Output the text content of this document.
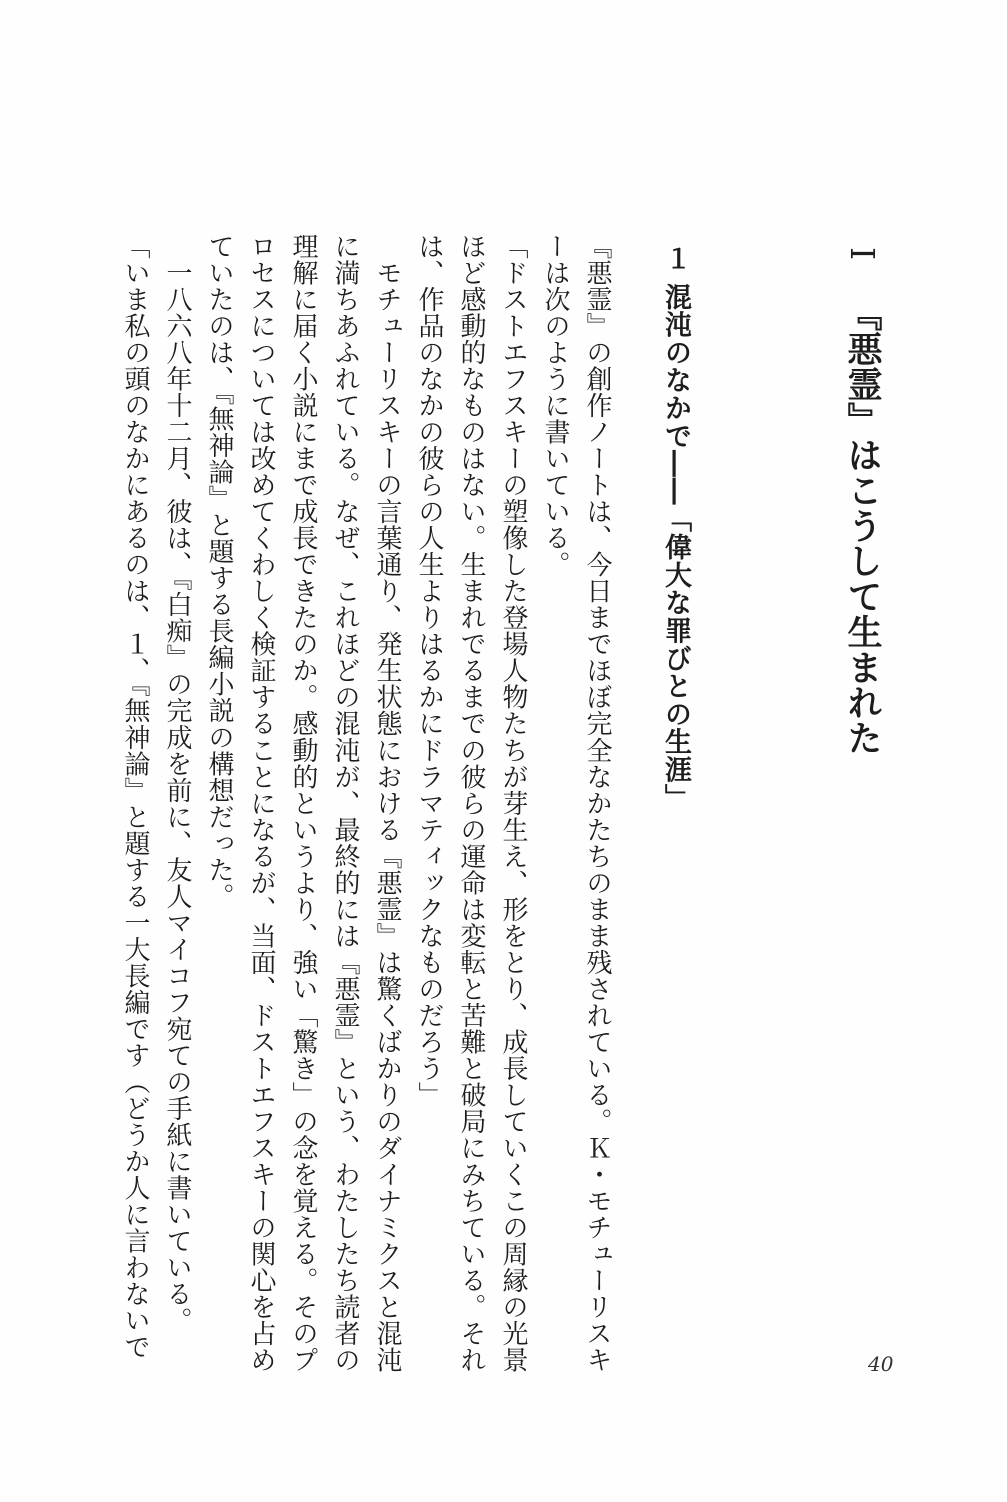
I
『悪霊』はこうして生まれた
１
混沌のなかで――「偉大な罪びとの生涯」
『悪霊』の創作ノートは、今日までほぼ完全なかたちのまま残されている。Ｋ・モチューリスキ
ーは次のように書いている。
「ドストエフスキーの塑像した登場人物たちが芽生え、形をとり、成長していくこの周縁の光景
ほど感動的なものはない。生まれでるまでの彼らの運命は変転と苦難と破局にみちている。それ
は、作品のなかの彼らの人生よりはるかにドラマティックなものだろう」
　モチューリスキーの言葉通り、発生状態における『悪霊』は驚くばかりのダイナミクスと混沌
に満ちあふれている。なぜ、これほどの混沌が、最終的には『悪霊』という、わたしたち読者の
理解に届く小説にまで成長できたのか。感動的というより、強い「驚き」の念を覚える。そのプ
ロセスについては改めてくわしく検証することになるが、当面、ドストエフスキーの関心を占め
ていたのは、『無神論』と題する長編小説の構想だった。
　一八六八年十二月、彼は、『白痴』の完成を前に、友人マイコフ宛ての手紙に書いている。
「いま私の頭のなかにあるのは、１、『無神論』と題する一大長編です（どうか人に言わないで
40
